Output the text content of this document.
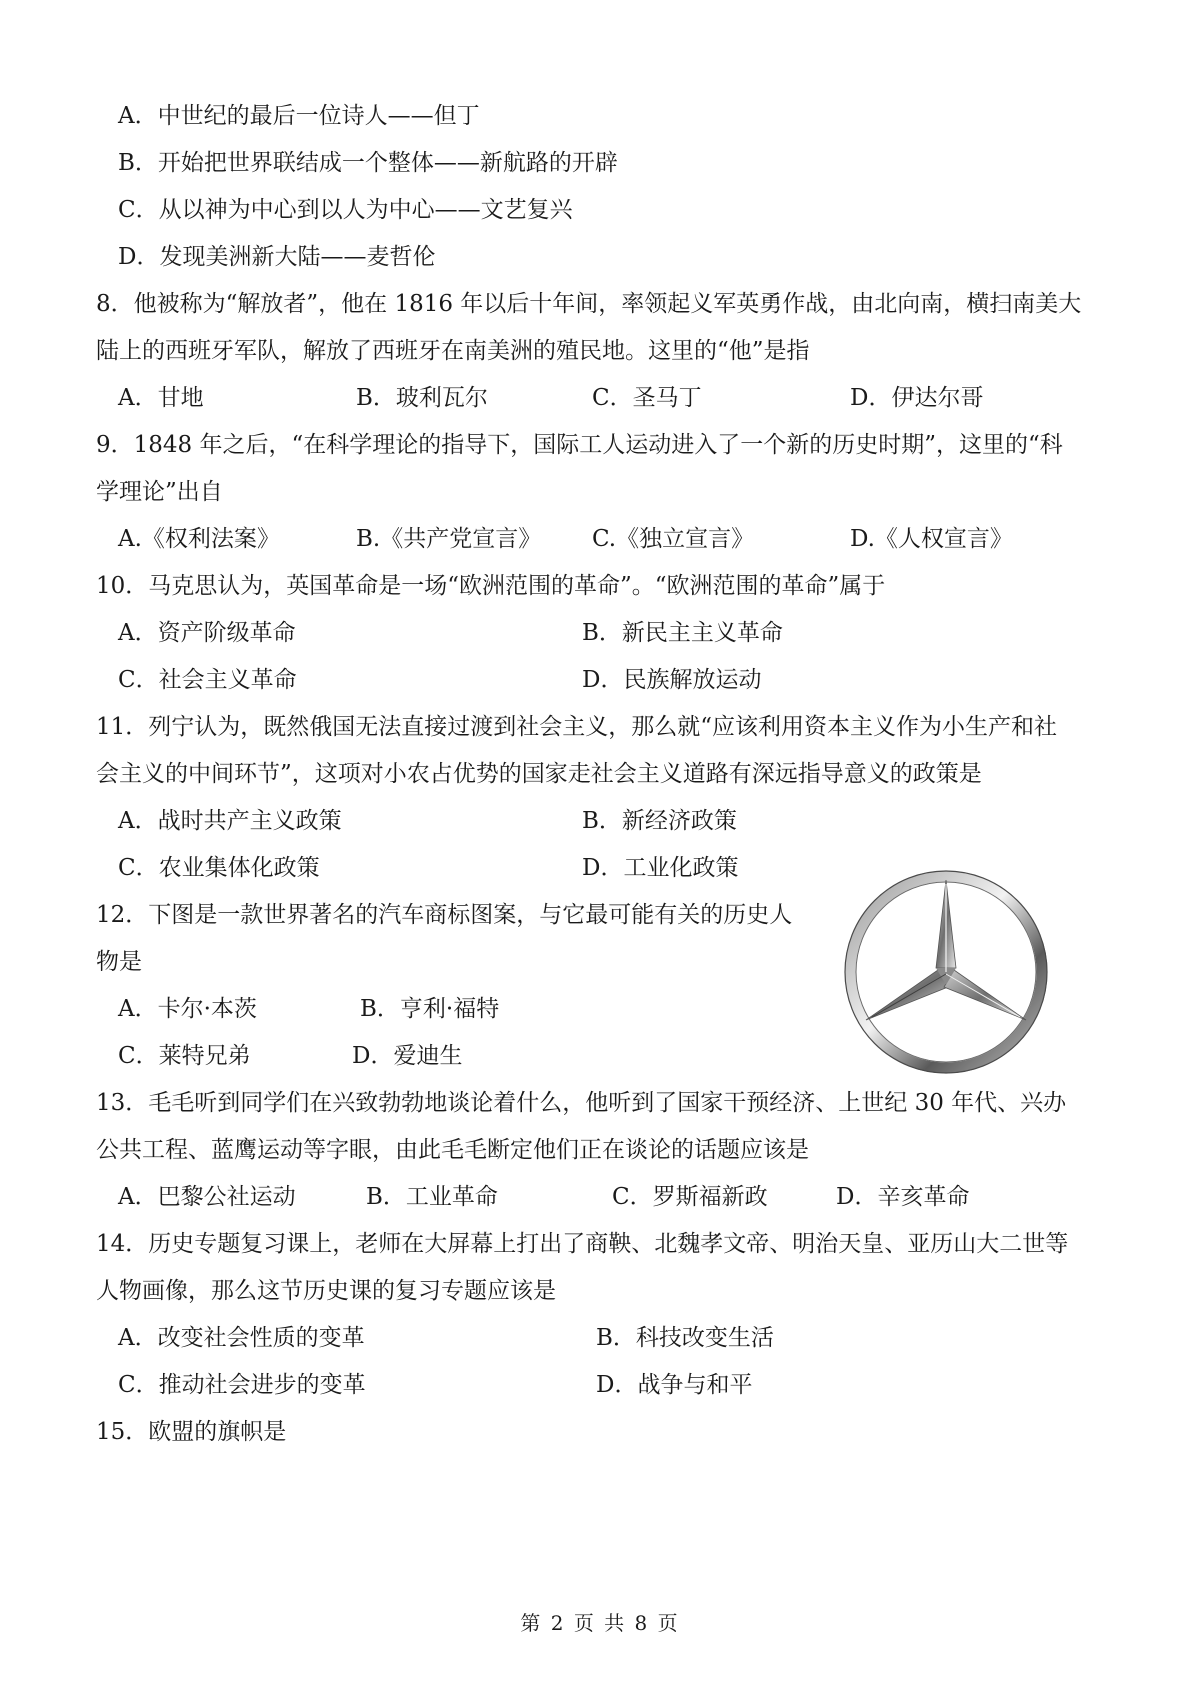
A．中世纪的最后一位诗人——但丁
B．开始把世界联结成一个整体——新航路的开辟
C．从以神为中心到以人为中心——文艺复兴
D．发现美洲新大陆——麦哲伦
8．他被称为“解放者”，他在 1816 年以后十年间，率领起义军英勇作战，由北向南，横扫南美大
陆上的西班牙军队，解放了西班牙在南美洲的殖民地。这里的“他”是指
A．甘地	B．玻利瓦尔	C．圣马丁	D．伊达尔哥
9．1848 年之后，“在科学理论的指导下，国际工人运动进入了一个新的历史时期”，这里的“科
学理论”出自
A.《权利法案》	B.《共产党宣言》 C.《独立宣言》	D.《人权宣言》
10．马克思认为，英国革命是一场“欧洲范围的革命”。“欧洲范围的革命”属于
A．资产阶级革命	B．新民主主义革命
C．社会主义革命	D．民族解放运动
11．列宁认为，既然俄国无法直接过渡到社会主义，那么就“应该利用资本主义作为小生产和社
会主义的中间环节”，这项对小农占优势的国家走社会主义道路有深远指导意义的政策是
A．战时共产主义政策	B．新经济政策
C．农业集体化政策	D．工业化政策
12．下图是一款世界著名的汽车商标图案，与它最可能有关的历史人
物是
A．卡尔·本茨	B．亨利·福特
C．莱特兄弟	D．爱迪生
13．毛毛听到同学们在兴致勃勃地谈论着什么，他听到了国家干预经济、上世纪 30 年代、兴办
公共工程、蓝鹰运动等字眼，由此毛毛断定他们正在谈论的话题应该是
A．巴黎公社运动	B．工业革命	C．罗斯福新政	D．辛亥革命
14．历史专题复习课上，老师在大屏幕上打出了商鞅、北魏孝文帝、明治天皇、亚历山大二世等
人物画像，那么这节历史课的复习专题应该是
A．改变社会性质的变革	B．科技改变生活
C．推动社会进步的变革	D．战争与和平
15．欧盟的旗帜是
第 2 页 共 8 页
